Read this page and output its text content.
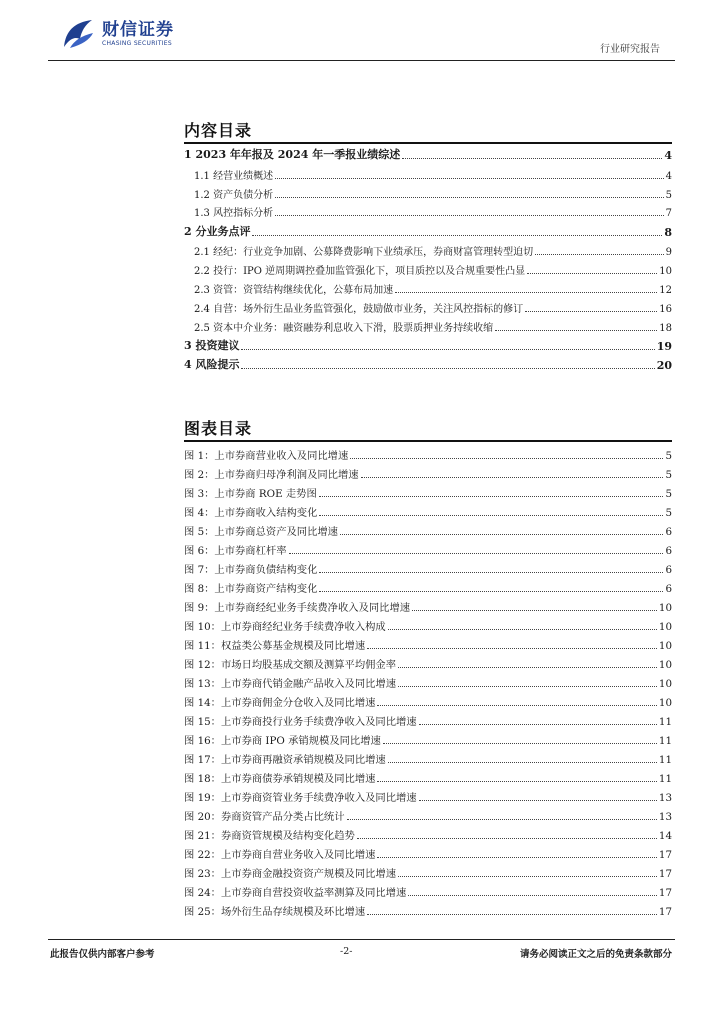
财信证券
CHASING SECURITIES
行业研究报告
内容目录
1 2023 年年报及 2024 年一季报业绩综述	4
1.1 经营业绩概述	4
1.2 资产负债分析	5
1.3 风控指标分析	7
2 分业务点评	8
2.1 经纪：行业竞争加剧、公募降费影响下业绩承压，券商财富管理转型迫切	9
2.2 投行：IPO 逆周期调控叠加监管强化下，项目质控以及合规重要性凸显	10
2.3 资管：资管结构继续优化，公募布局加速	12
2.4 自营：场外衍生品业务监管强化，鼓励做市业务，关注风控指标的修订	16
2.5 资本中介业务：融资融券利息收入下滑，股票质押业务持续收缩	18
3 投资建议	19
4 风险提示	20
图表目录
图 1：上市券商营业收入及同比增速	5
图 2：上市券商归母净利润及同比增速	5
图 3：上市券商 ROE 走势图	5
图 4：上市券商收入结构变化	5
图 5：上市券商总资产及同比增速	6
图 6：上市券商杠杆率	6
图 7：上市券商负债结构变化	6
图 8：上市券商资产结构变化	6
图 9：上市券商经纪业务手续费净收入及同比增速	10
图 10：上市券商经纪业务手续费净收入构成	10
图 11：权益类公募基金规模及同比增速	10
图 12：市场日均股基成交额及测算平均佣金率	10
图 13：上市券商代销金融产品收入及同比增速	10
图 14：上市券商佣金分仓收入及同比增速	10
图 15：上市券商投行业务手续费净收入及同比增速	11
图 16：上市券商 IPO 承销规模及同比增速	11
图 17：上市券商再融资承销规模及同比增速	11
图 18：上市券商债券承销规模及同比增速	11
图 19：上市券商资管业务手续费净收入及同比增速	13
图 20：券商资管产品分类占比统计	13
图 21：券商资管规模及结构变化趋势	14
图 22：上市券商自营业务收入及同比增速	17
图 23：上市券商金融投资资产规模及同比增速	17
图 24：上市券商自营投资收益率测算及同比增速	17
图 25：场外衍生品存续规模及环比增速	17
此报告仅供内部客户参考	-2-	请务必阅读正文之后的免责条款部分
